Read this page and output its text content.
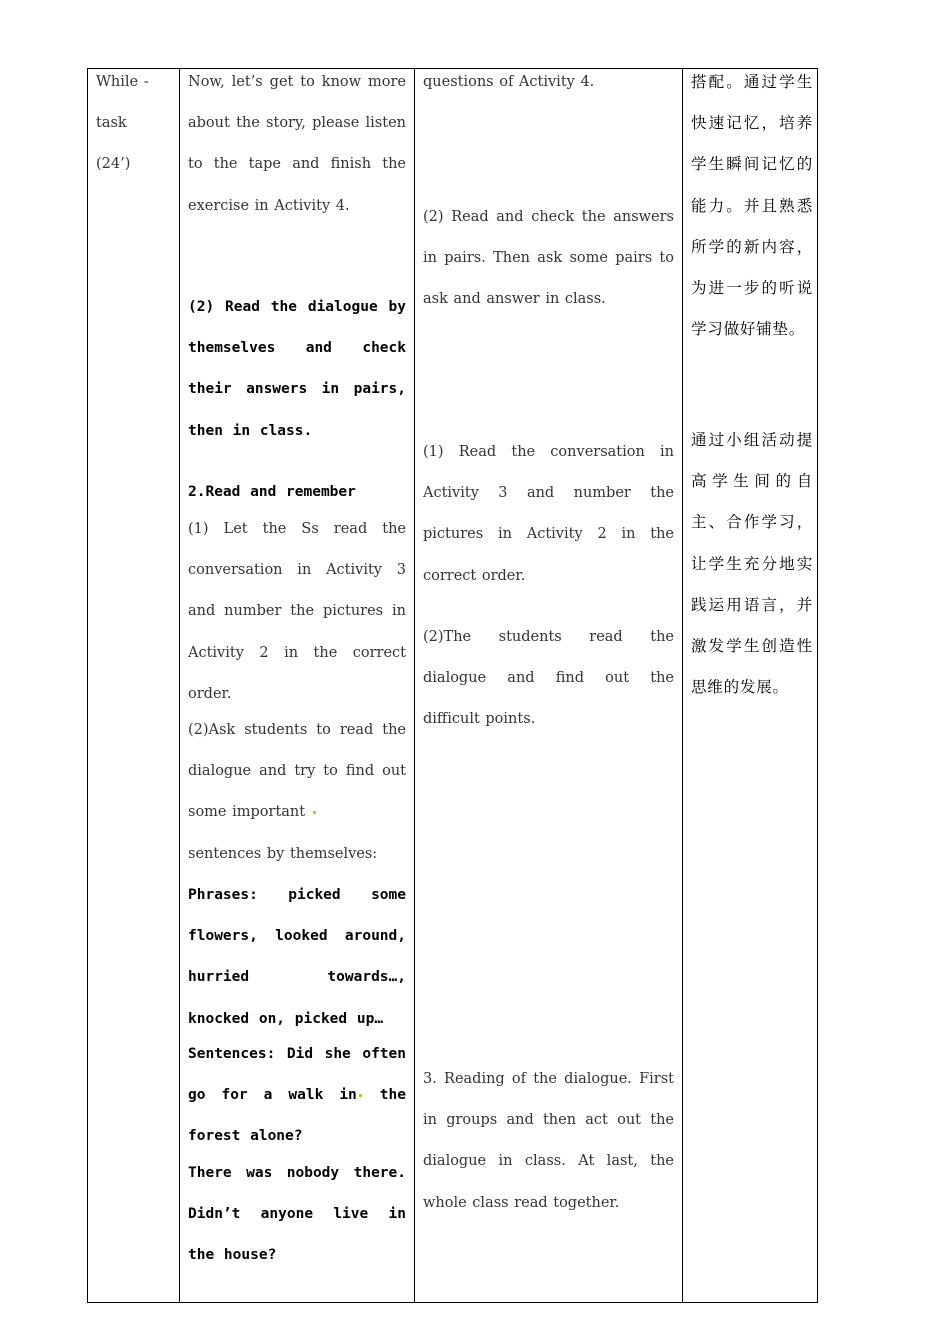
While -

task

(24’)

Now, let’s get to know more about the story, please listen to the tape and finish the exercise in Activity 4.

(2) Read the dialogue by themselves and check their answers in pairs, then in class.

2.Read and remember

(1) Let the Ss read the conversation in Activity 3 and number the pictures in Activity 2 in the correct order.

(2)Ask students to read the dialogue and try to find out some important
sentences by themselves:

Phrases: picked some flowers, looked around, hurried towards…, knocked on, picked up…

Sentences: Did she often go for a walk in the forest alone?

There was nobody there. Didn’t anyone live in the house?

questions of Activity 4.

(2) Read and check the answers in pairs. Then ask some pairs to ask and answer in class.

(1) Read the conversation in Activity 3 and number the pictures in Activity 2 in the correct order.

(2)The students read the dialogue and find out the difficult points.

3. Reading of the dialogue. First in groups and then act out the dialogue in class. At last, the whole class read together.

搭配。通过学生快速记忆，培养学生瞬间记忆的能力。并且熟悉所学的新内容，为进一步的听说学习做好铺垫。

通过小组活动提高学生间的自主、合作学习，让学生充分地实践运用语言，并激发学生创造性思维的发展。
